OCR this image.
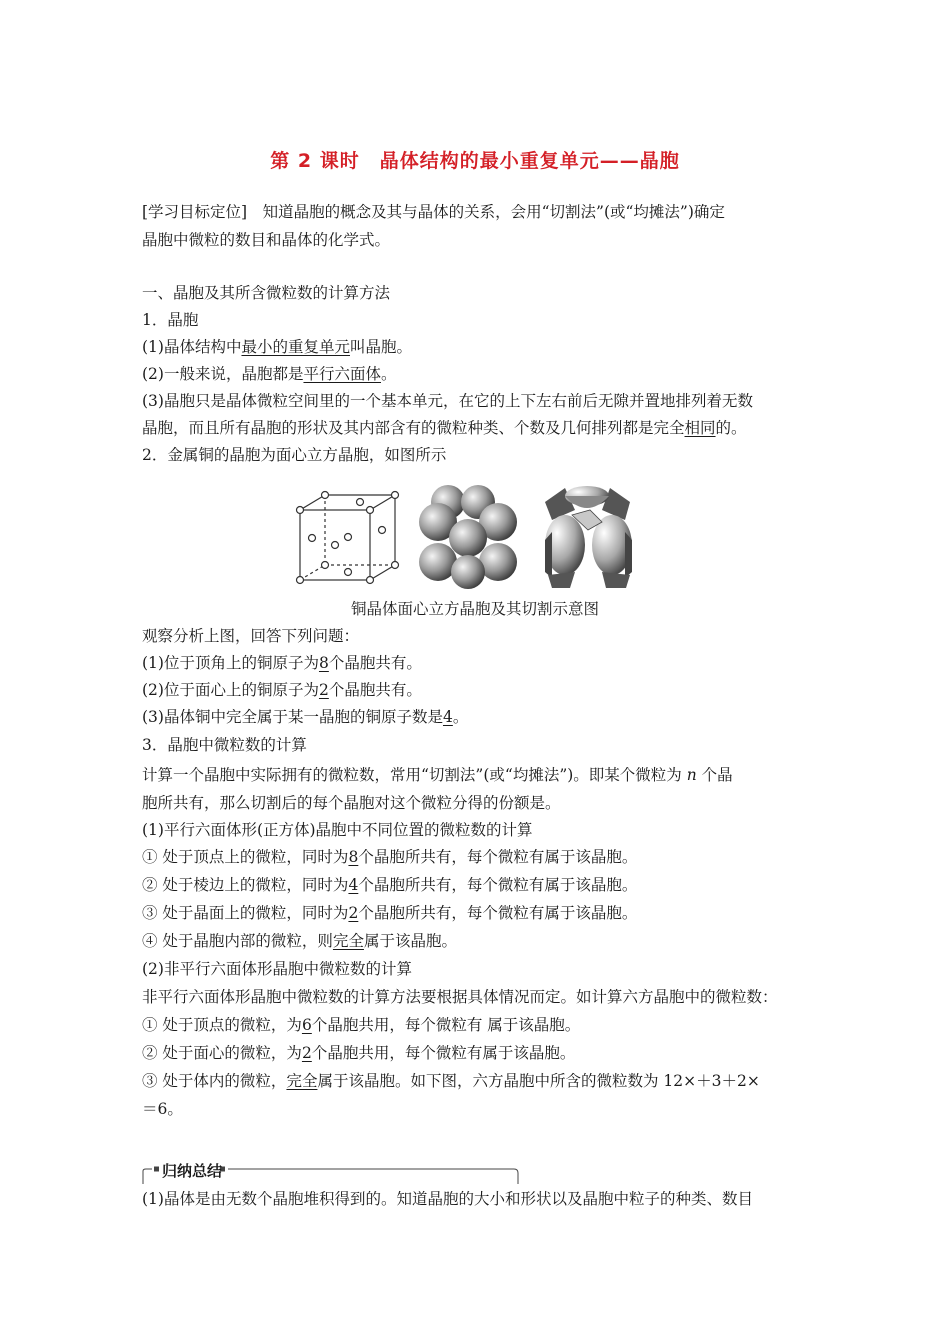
第 2 课时　晶体结构的最小重复单元——晶胞
[学习目标定位]　知道晶胞的概念及其与晶体的关系，会用“切割法”(或“均摊法”)确定
晶胞中微粒的数目和晶体的化学式。
一、晶胞及其所含微粒数的计算方法
1．晶胞
(1)晶体结构中最小的重复单元叫晶胞。
(2)一般来说，晶胞都是平行六面体。
(3)晶胞只是晶体微粒空间里的一个基本单元，在它的上下左右前后无隙并置地排列着无数
晶胞，而且所有晶胞的形状及其内部含有的微粒种类、个数及几何排列都是完全相同的。
2．金属铜的晶胞为面心立方晶胞，如图所示
铜晶体面心立方晶胞及其切割示意图
观察分析上图，回答下列问题：
(1)位于顶角上的铜原子为8个晶胞共有。
(2)位于面心上的铜原子为2个晶胞共有。
(3)晶体铜中完全属于某一晶胞的铜原子数是4。
3．晶胞中微粒数的计算
计算一个晶胞中实际拥有的微粒数，常用“切割法”(或“均摊法”)。即某个微粒为 n 个晶
胞所共有，那么切割后的每个晶胞对这个微粒分得的份额是。
(1)平行六面体形(正方体)晶胞中不同位置的微粒数的计算
① 处于顶点上的微粒，同时为8个晶胞所共有，每个微粒有属于该晶胞。
② 处于棱边上的微粒，同时为4个晶胞所共有，每个微粒有属于该晶胞。
③ 处于晶面上的微粒，同时为2个晶胞所共有，每个微粒有属于该晶胞。
④ 处于晶胞内部的微粒，则完全属于该晶胞。
(2)非平行六面体形晶胞中微粒数的计算
非平行六面体形晶胞中微粒数的计算方法要根据具体情况而定。如计算六方晶胞中的微粒数：
① 处于顶点的微粒，为6个晶胞共用，每个微粒有 属于该晶胞。
② 处于面心的微粒，为2个晶胞共用，每个微粒有属于该晶胞。
③ 处于体内的微粒，完全属于该晶胞。如下图，六方晶胞中所含的微粒数为 12×＋3＋2×
＝6。
归纳总结
(1)晶体是由无数个晶胞堆积得到的。知道晶胞的大小和形状以及晶胞中粒子的种类、数目
